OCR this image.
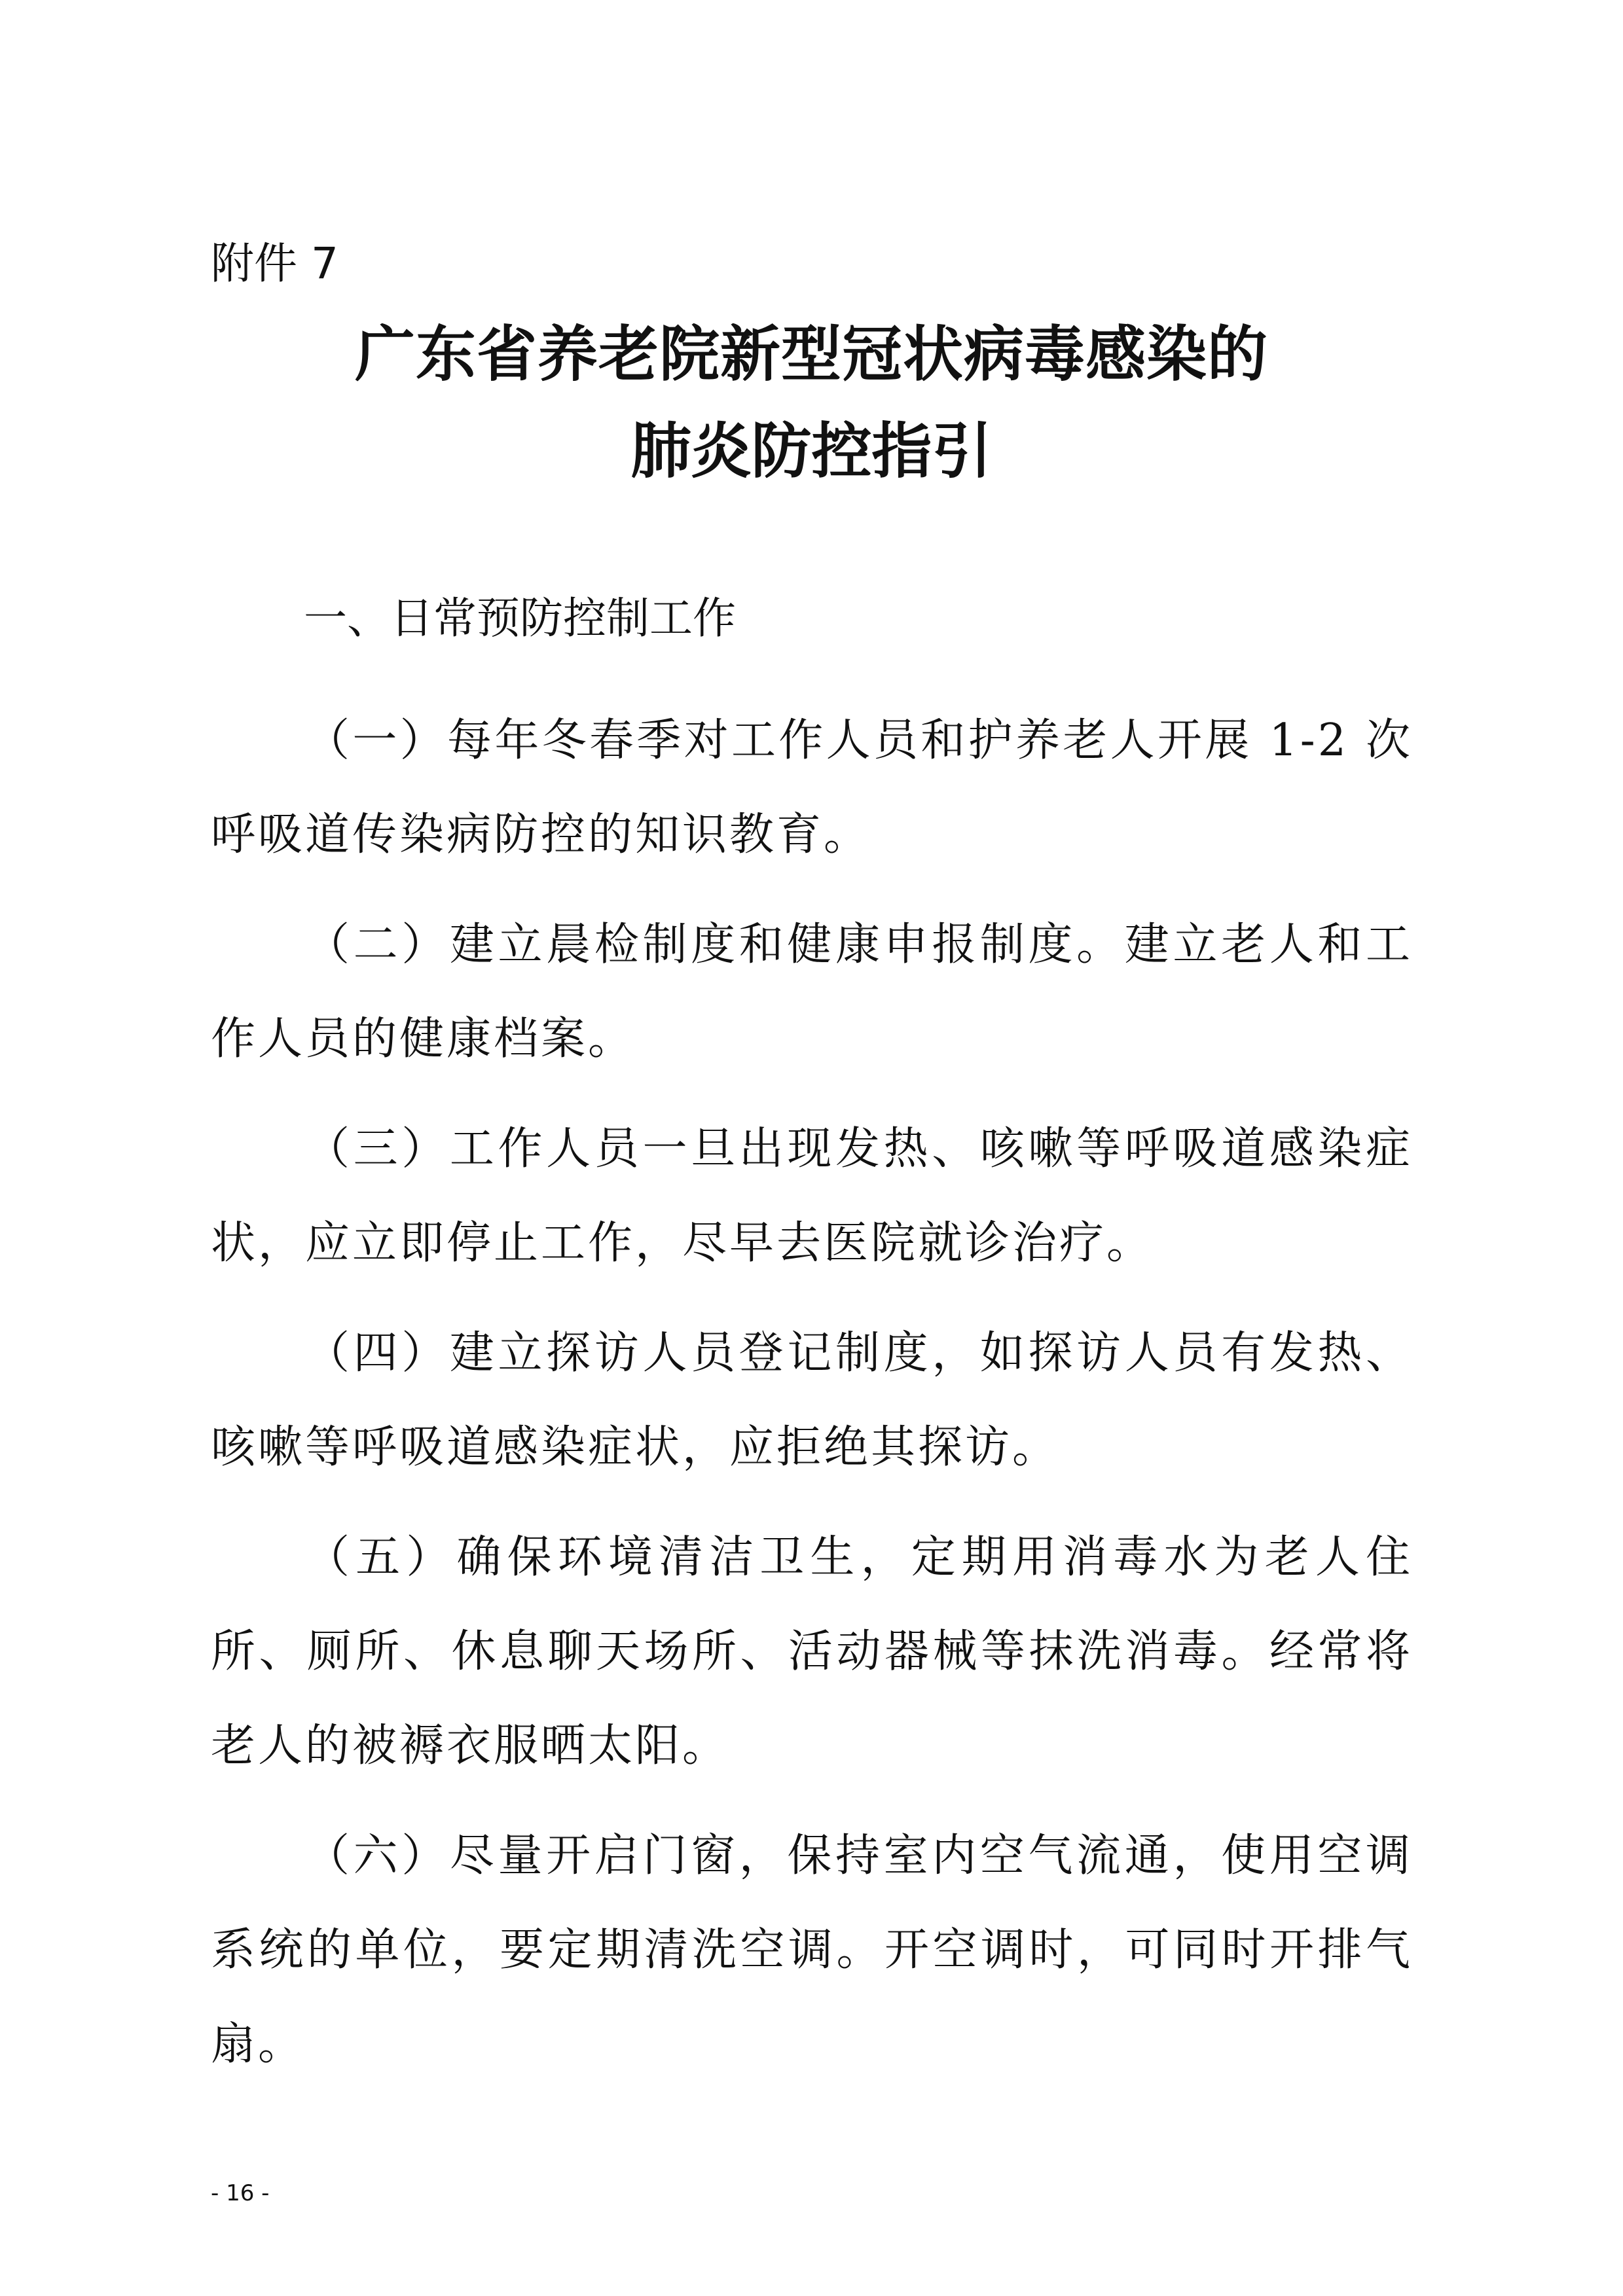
附件 7
广东省养老院新型冠状病毒感染的
肺炎防控指引
一、日常预防控制工作

（一）每年冬春季对工作人员和护养老人开展 1-2 次呼吸道传染病防控的知识教育。

（二）建立晨检制度和健康申报制度。建立老人和工作人员的健康档案。

（三）工作人员一旦出现发热、咳嗽等呼吸道感染症状，应立即停止工作，尽早去医院就诊治疗。

（四）建立探访人员登记制度，如探访人员有发热、咳嗽等呼吸道感染症状，应拒绝其探访。

（五）确保环境清洁卫生，定期用消毒水为老人住所、厕所、休息聊天场所、活动器械等抹洗消毒。经常将老人的被褥衣服晒太阳。

（六）尽量开启门窗，保持室内空气流通，使用空调系统的单位，要定期清洗空调。开空调时，可同时开排气扇。

- 16 -
